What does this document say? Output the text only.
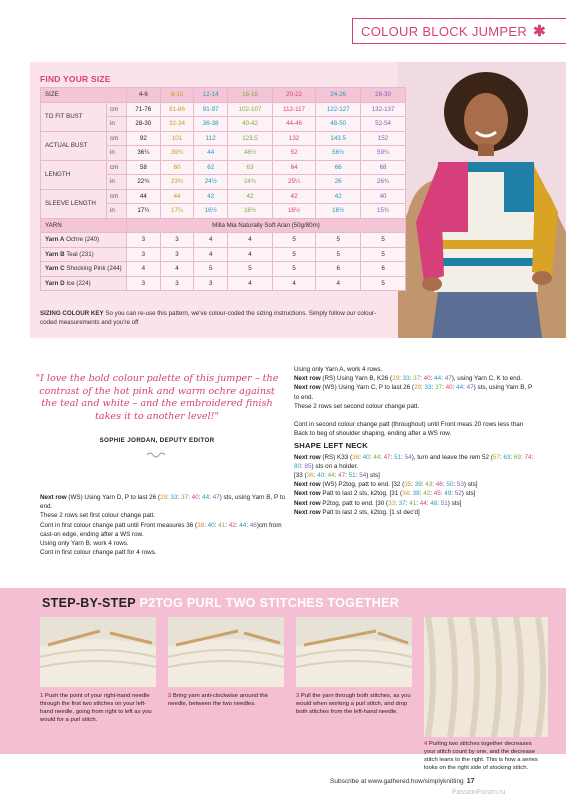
COLOUR BLOCK JUMPER ✱
FIND YOUR SIZE
SIZE		4-6	8-10	12-14	16-18	20-22	24-26	28-30
TO FIT BUST	cm	71-76	81-86	91-97	102-107	112-117	122-127	132-137
	in	28-30	32-34	36-38	40-42	44-46	48-50	52-54
ACTUAL BUST	cm	92	101	112	123.5	132	143.5	152
	in	36¼	39¾	44	48½	52	56½	59¾
LENGTH	cm	58	60	62	63	64	66	68
	in	22¾	23¾	24½	24¾	25¼	26	26¾
SLEEVE LENGTH	cm	44	44	42	42	42	42	40
	in	17¼	17¼	16½	16½	16½	16½	15¾
YARN		Milla Mia Naturally Soft Aran (50g/80m)						
Yarn A Ochre (240)		3	3	4	4	5	5	5
Yarn B Teal (231)		3	3	4	4	5	5	5
Yarn C Shocking Pink (244)		4	4	5	5	5	6	6
Yarn D Ice (224)		3	3	3	4	4	4	5
SIZING COLOUR KEY So you can re-use this pattern, we've colour-coded the sizing instructions. Simply follow our colour-coded measurements and you're off
"I love the bold colour palette of this jumper – the contrast of the hot pink and warm ochre against the teal and white – and the embroidered finish takes it to another level!"
SOPHIE JORDAN, DEPUTY EDITOR

Next row (WS) Using Yarn D, P to last 26 (29: 33: 37: 40: 44: 47) sts, using Yarn B, P to end.

These 2 rows set first colour change patt.

Cont in first colour change patt until Front measures 36 (38: 40: 41: 42: 44: 46)cm from cast-on edge, ending after a WS row.

Using only Yarn B, work 4 rows.

Cont in first colour change patt for 4 rows.

Using only Yarn A, work 4 rows.

Next row (RS) Using Yarn B, K26 (29: 33: 37: 40: 44: 47), using Yarn C, K to end.

Next row (WS) Using Yarn C, P to last 26 (29: 33: 37: 40: 44: 47) sts, using Yarn B, P to end.

These 2 rows set second colour change patt.

Cont in second colour change patt (throughout) until Front meas 20 rows less than Back to beg of shoulder shaping, ending after a WS row.

SHAPE LEFT NECK

Next row (RS) K33 (36: 40: 44: 47: 51: 54), turn and leave the rem 52 (57: 63: 69: 74: 80: 85) sts on a holder.

[33 (36: 40: 44: 47: 51: 54) sts]

Next row (WS) P2tog, patt to end. [32 (35: 39: 43: 46: 50: 53) sts]

Next row Patt to last 2 sts, k2tog. [31 (34: 38: 42: 45: 49: 52) sts]

Next row P2tog, patt to end. [30 (33: 37: 41: 44: 48: 51) sts]

Next row Patt to last 2 sts, k2tog. [1 st dec'd]

STEP-BY-STEP P2TOG PURL TWO STITCHES TOGETHER
1 Push the point of your right-hand needle through the first two stitches on your left-hand needle, going from right to left as you would for a purl stitch.
2 Bring yarn anti-clockwise around the needle, between the two needles.
3 Pull the yarn through both stitches, as you would when working a purl stitch, and drop both stitches from the left-hand needle.
4 Purling two stitches together decreases your stitch count by one, and the decrease stitch leans to the right. This is how a series looks on the right side of stocking stitch.
Subscribe at www.gathered.how/simplyknitting 17
PassionForum.ru
